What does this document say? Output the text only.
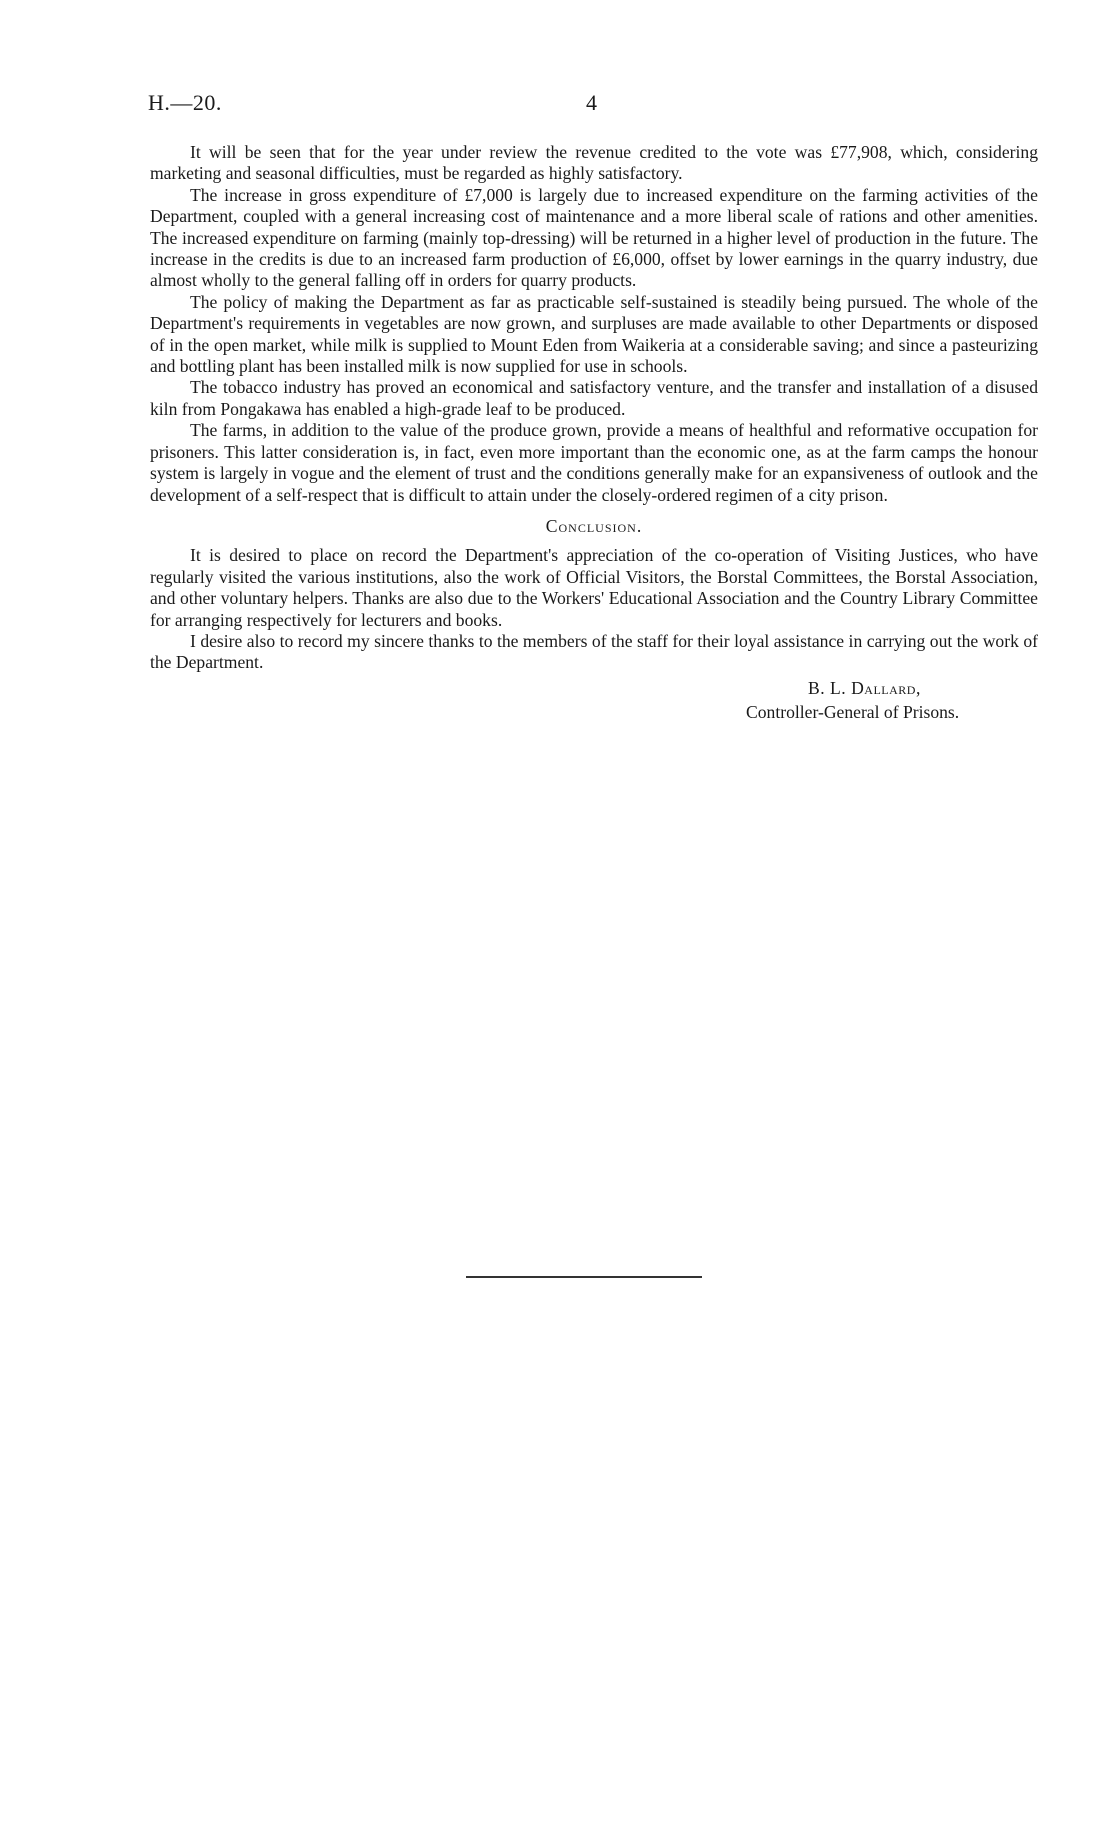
H.—20.	4

It will be seen that for the year under review the revenue credited to the vote was £77,908, which, considering marketing and seasonal difficulties, must be regarded as highly satisfactory.

The increase in gross expenditure of £7,000 is largely due to increased expenditure on the farming activities of the Department, coupled with a general increasing cost of maintenance and a more liberal scale of rations and other amenities. The increased expenditure on farming (mainly top-dressing) will be returned in a higher level of production in the future. The increase in the credits is due to an increased farm production of £6,000, offset by lower earnings in the quarry industry, due almost wholly to the general falling off in orders for quarry products.

The policy of making the Department as far as practicable self-sustained is steadily being pursued. The whole of the Department's requirements in vegetables are now grown, and surpluses are made available to other Departments or disposed of in the open market, while milk is supplied to Mount Eden from Waikeria at a considerable saving; and since a pasteurizing and bottling plant has been installed milk is now supplied for use in schools.

The tobacco industry has proved an economical and satisfactory venture, and the transfer and installation of a disused kiln from Pongakawa has enabled a high-grade leaf to be produced.

The farms, in addition to the value of the produce grown, provide a means of healthful and reformative occupation for prisoners. This latter consideration is, in fact, even more important than the economic one, as at the farm camps the honour system is largely in vogue and the element of trust and the conditions generally make for an expansiveness of outlook and the development of a self-respect that is difficult to attain under the closely-ordered regimen of a city prison.

Conclusion.

It is desired to place on record the Department's appreciation of the co-operation of Visiting Justices, who have regularly visited the various institutions, also the work of Official Visitors, the Borstal Committees, the Borstal Association, and other voluntary helpers. Thanks are also due to the Workers' Educational Association and the Country Library Committee for arranging respectively for lecturers and books.

I desire also to record my sincere thanks to the members of the staff for their loyal assistance in carrying out the work of the Department.

B. L. Dallard,
Controller-General of Prisons.
